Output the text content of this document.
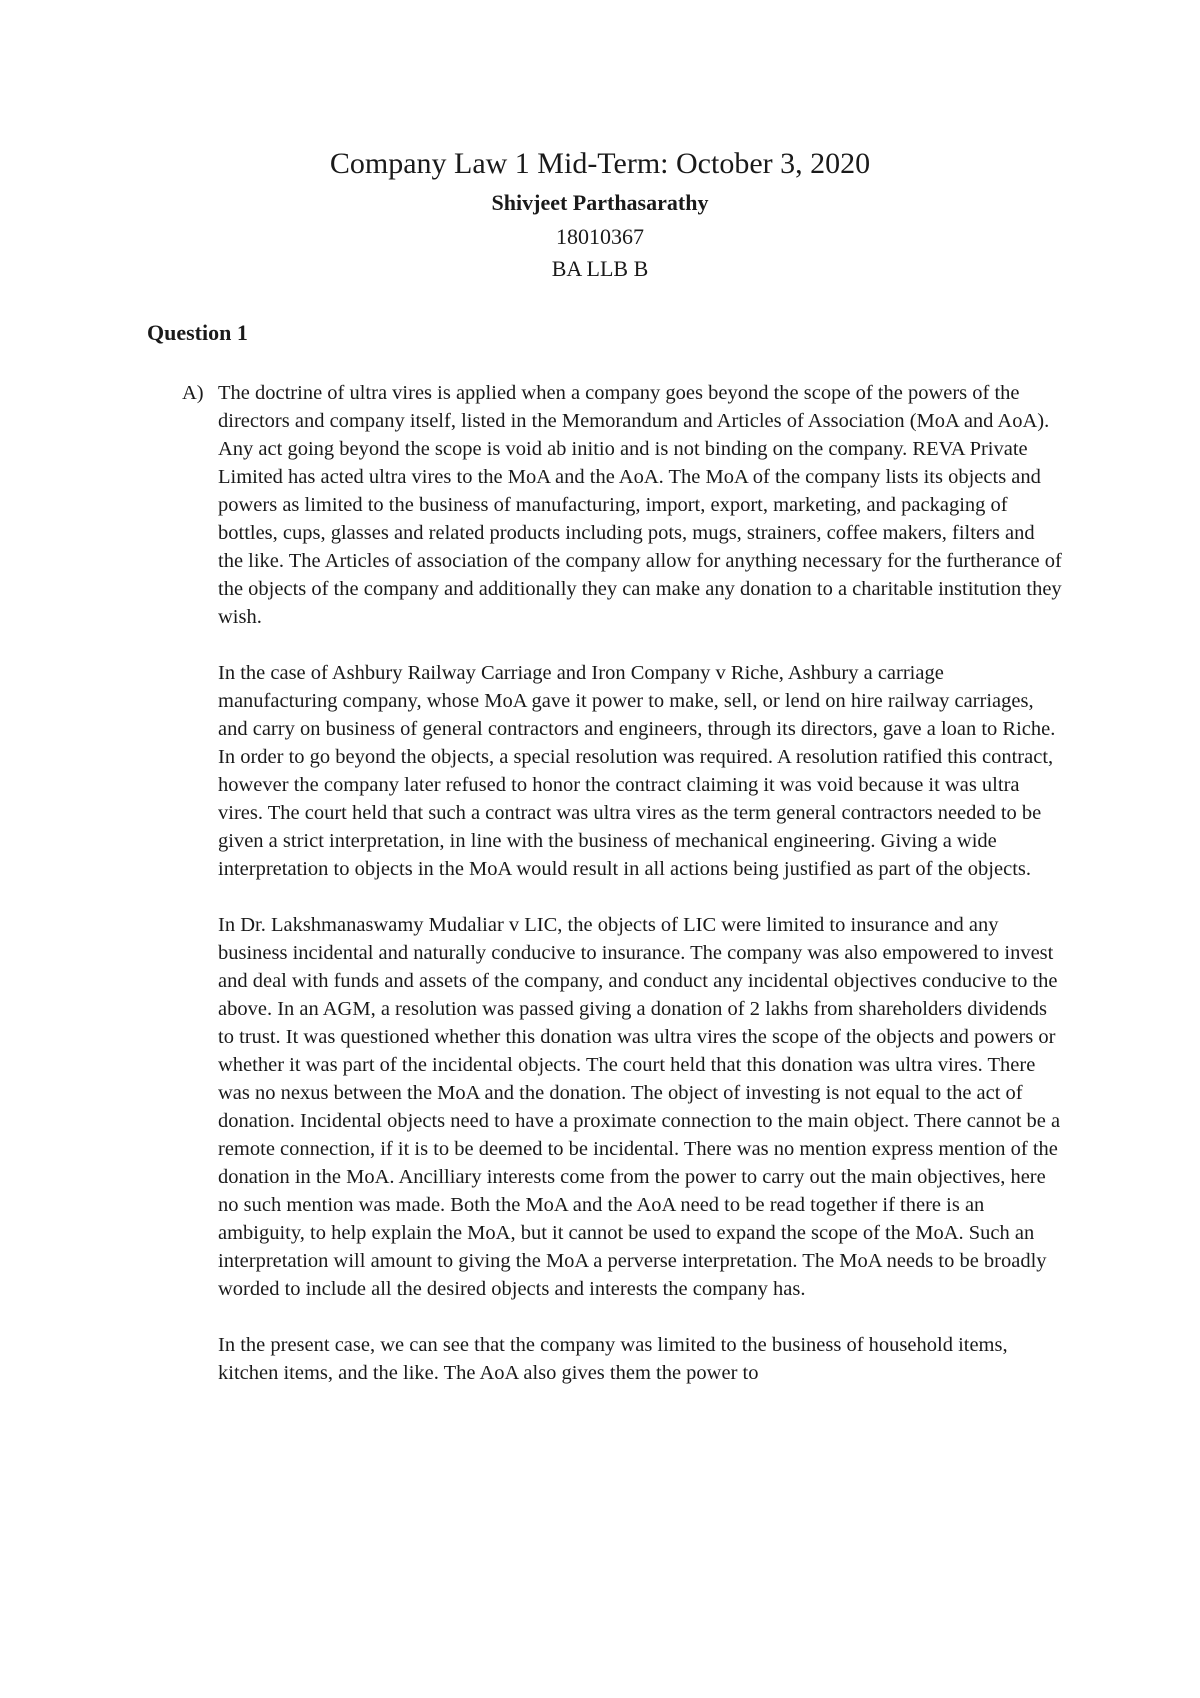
Company Law 1 Mid-Term: October 3, 2020

Shivjeet Parthasarathy

18010367

BA LLB B

Question 1
A) The doctrine of ultra vires is applied when a company goes beyond the scope of the powers of the directors and company itself, listed in the Memorandum and Articles of Association (MoA and AoA). Any act going beyond the scope is void ab initio and is not binding on the company. REVA Private Limited has acted ultra vires to the MoA and the AoA. The MoA of the company lists its objects and powers as limited to the business of manufacturing, import, export, marketing, and packaging of bottles, cups, glasses and related products including pots, mugs, strainers, coffee makers, filters and the like. The Articles of association of the company allow for anything necessary for the furtherance of the objects of the company and additionally they can make any donation to a charitable institution they wish.

In the case of Ashbury Railway Carriage and Iron Company v Riche, Ashbury a carriage manufacturing company, whose MoA gave it power to make, sell, or lend on hire railway carriages, and carry on business of general contractors and engineers, through its directors, gave a loan to Riche. In order to go beyond the objects, a special resolution was required. A resolution ratified this contract, however the company later refused to honor the contract claiming it was void because it was ultra vires. The court held that such a contract was ultra vires as the term general contractors needed to be given a strict interpretation, in line with the business of mechanical engineering. Giving a wide interpretation to objects in the MoA would result in all actions being justified as part of the objects.

In Dr. Lakshmanaswamy Mudaliar v LIC, the objects of LIC were limited to insurance and any business incidental and naturally conducive to insurance. The company was also empowered to invest and deal with funds and assets of the company, and conduct any incidental objectives conducive to the above. In an AGM, a resolution was passed giving a donation of 2 lakhs from shareholders dividends to trust. It was questioned whether this donation was ultra vires the scope of the objects and powers or whether it was part of the incidental objects. The court held that this donation was ultra vires. There was no nexus between the MoA and the donation. The object of investing is not equal to the act of donation. Incidental objects need to have a proximate connection to the main object. There cannot be a remote connection, if it is to be deemed to be incidental. There was no mention express mention of the donation in the MoA. Ancilliary interests come from the power to carry out the main objectives, here no such mention was made. Both the MoA and the AoA need to be read together if there is an ambiguity, to help explain the MoA, but it cannot be used to expand the scope of the MoA. Such an interpretation will amount to giving the MoA a perverse interpretation. The MoA needs to be broadly worded to include all the desired objects and interests the company has.

In the present case, we can see that the company was limited to the business of household items, kitchen items, and the like. The AoA also gives them the power to
